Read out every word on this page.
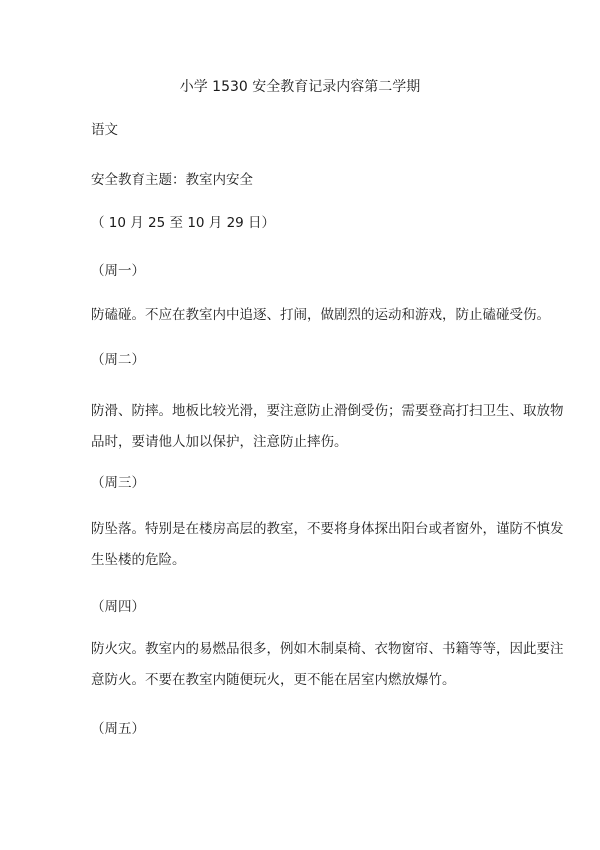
小学 1530 安全教育记录内容第二学期
语文
安全教育主题：教室内安全
（ 10 月 25 至 10 月 29 日）
（周一）
防磕碰。不应在教室内中追逐、打闹，做剧烈的运动和游戏，防止磕碰受伤。
（周二）
防滑、防摔。地板比较光滑，要注意防止滑倒受伤；需要登高打扫卫生、取放物
品时，要请他人加以保护，注意防止摔伤。
（周三）
防坠落。特别是在楼房高层的教室，不要将身体探出阳台或者窗外，谨防不慎发
生坠楼的危险。
（周四）
防火灾。教室内的易燃品很多，例如木制桌椅、衣物窗帘、书籍等等，因此要注
意防火。不要在教室内随便玩火，更不能在居室内燃放爆竹。
（周五）
